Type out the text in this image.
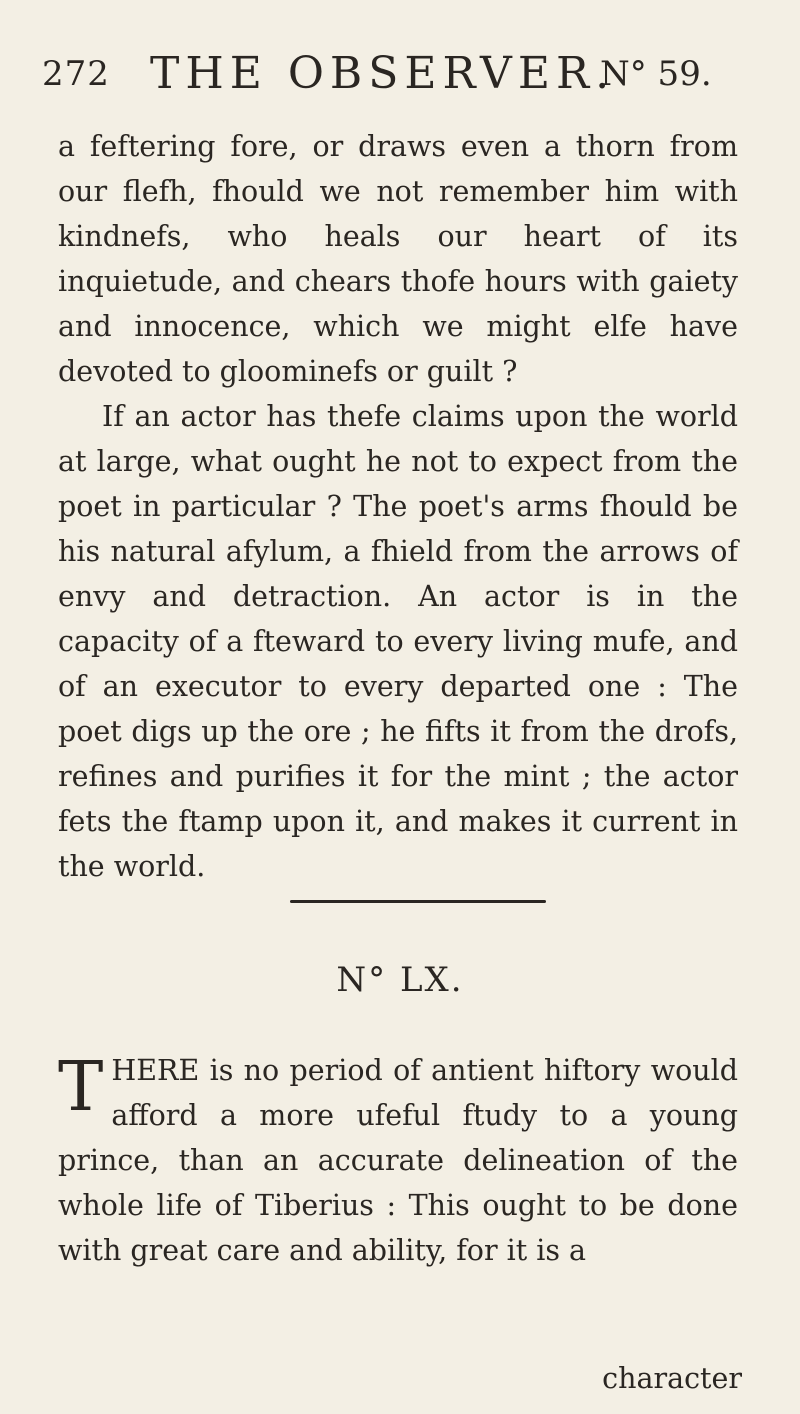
272 THE OBSERVER.
N° 59.

a feftering fore, or draws even a thorn from our flefh, fhould we not remember him with kindnefs, who heals our heart of its inquietude, and chears thofe hours with gaiety and innocence, which we might elfe have devoted to gloominefs or guilt ?

If an actor has thefe claims upon the world at large, what ought he not to expect from the poet in particular ? The poet's arms fhould be his natural afylum, a fhield from the arrows of envy and detraction. An actor is in the capacity of a fteward to every living mufe, and of an executor to every departed one : The poet digs up the ore ; he fifts it from the drofs, refines and purifies it for the mint ; the actor fets the ftamp upon it, and makes it current in the world.

N° LX.
T HERE is no period of antient hiftory would afford a more ufeful ftudy to a young prince, than an accurate delineation of the whole life of Tiberius : This ought to be done with great care and ability, for it is a

character
